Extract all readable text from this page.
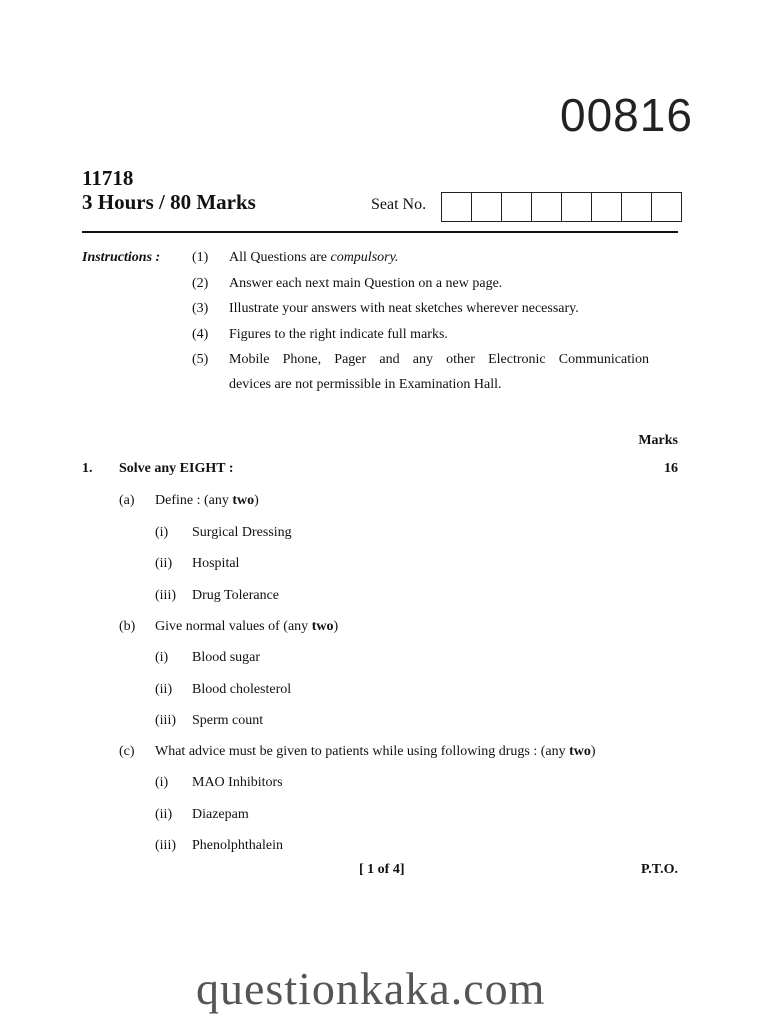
00816
11718
3 Hours / 80 Marks	Seat No.
Instructions : (1) All Questions are compulsory.
(2) Answer each next main Question on a new page.
(3) Illustrate your answers with neat sketches wherever necessary.
(4) Figures to the right indicate full marks.
(5) Mobile Phone, Pager and any other Electronic Communication
devices are not permissible in Examination Hall.
Marks
1. Solve any EIGHT :	16
(a) Define : (any two)
(i) Surgical Dressing
(ii) Hospital
(iii) Drug Tolerance
(b) Give normal values of (any two)
(i) Blood sugar
(ii) Blood cholesterol
(iii) Sperm count
(c) What advice must be given to patients while using following drugs : (any two)
(i) MAO Inhibitors
(ii) Diazepam
(iii) Phenolphthalein
[ 1 of 4]	P.T.O.
questionkaka.com
